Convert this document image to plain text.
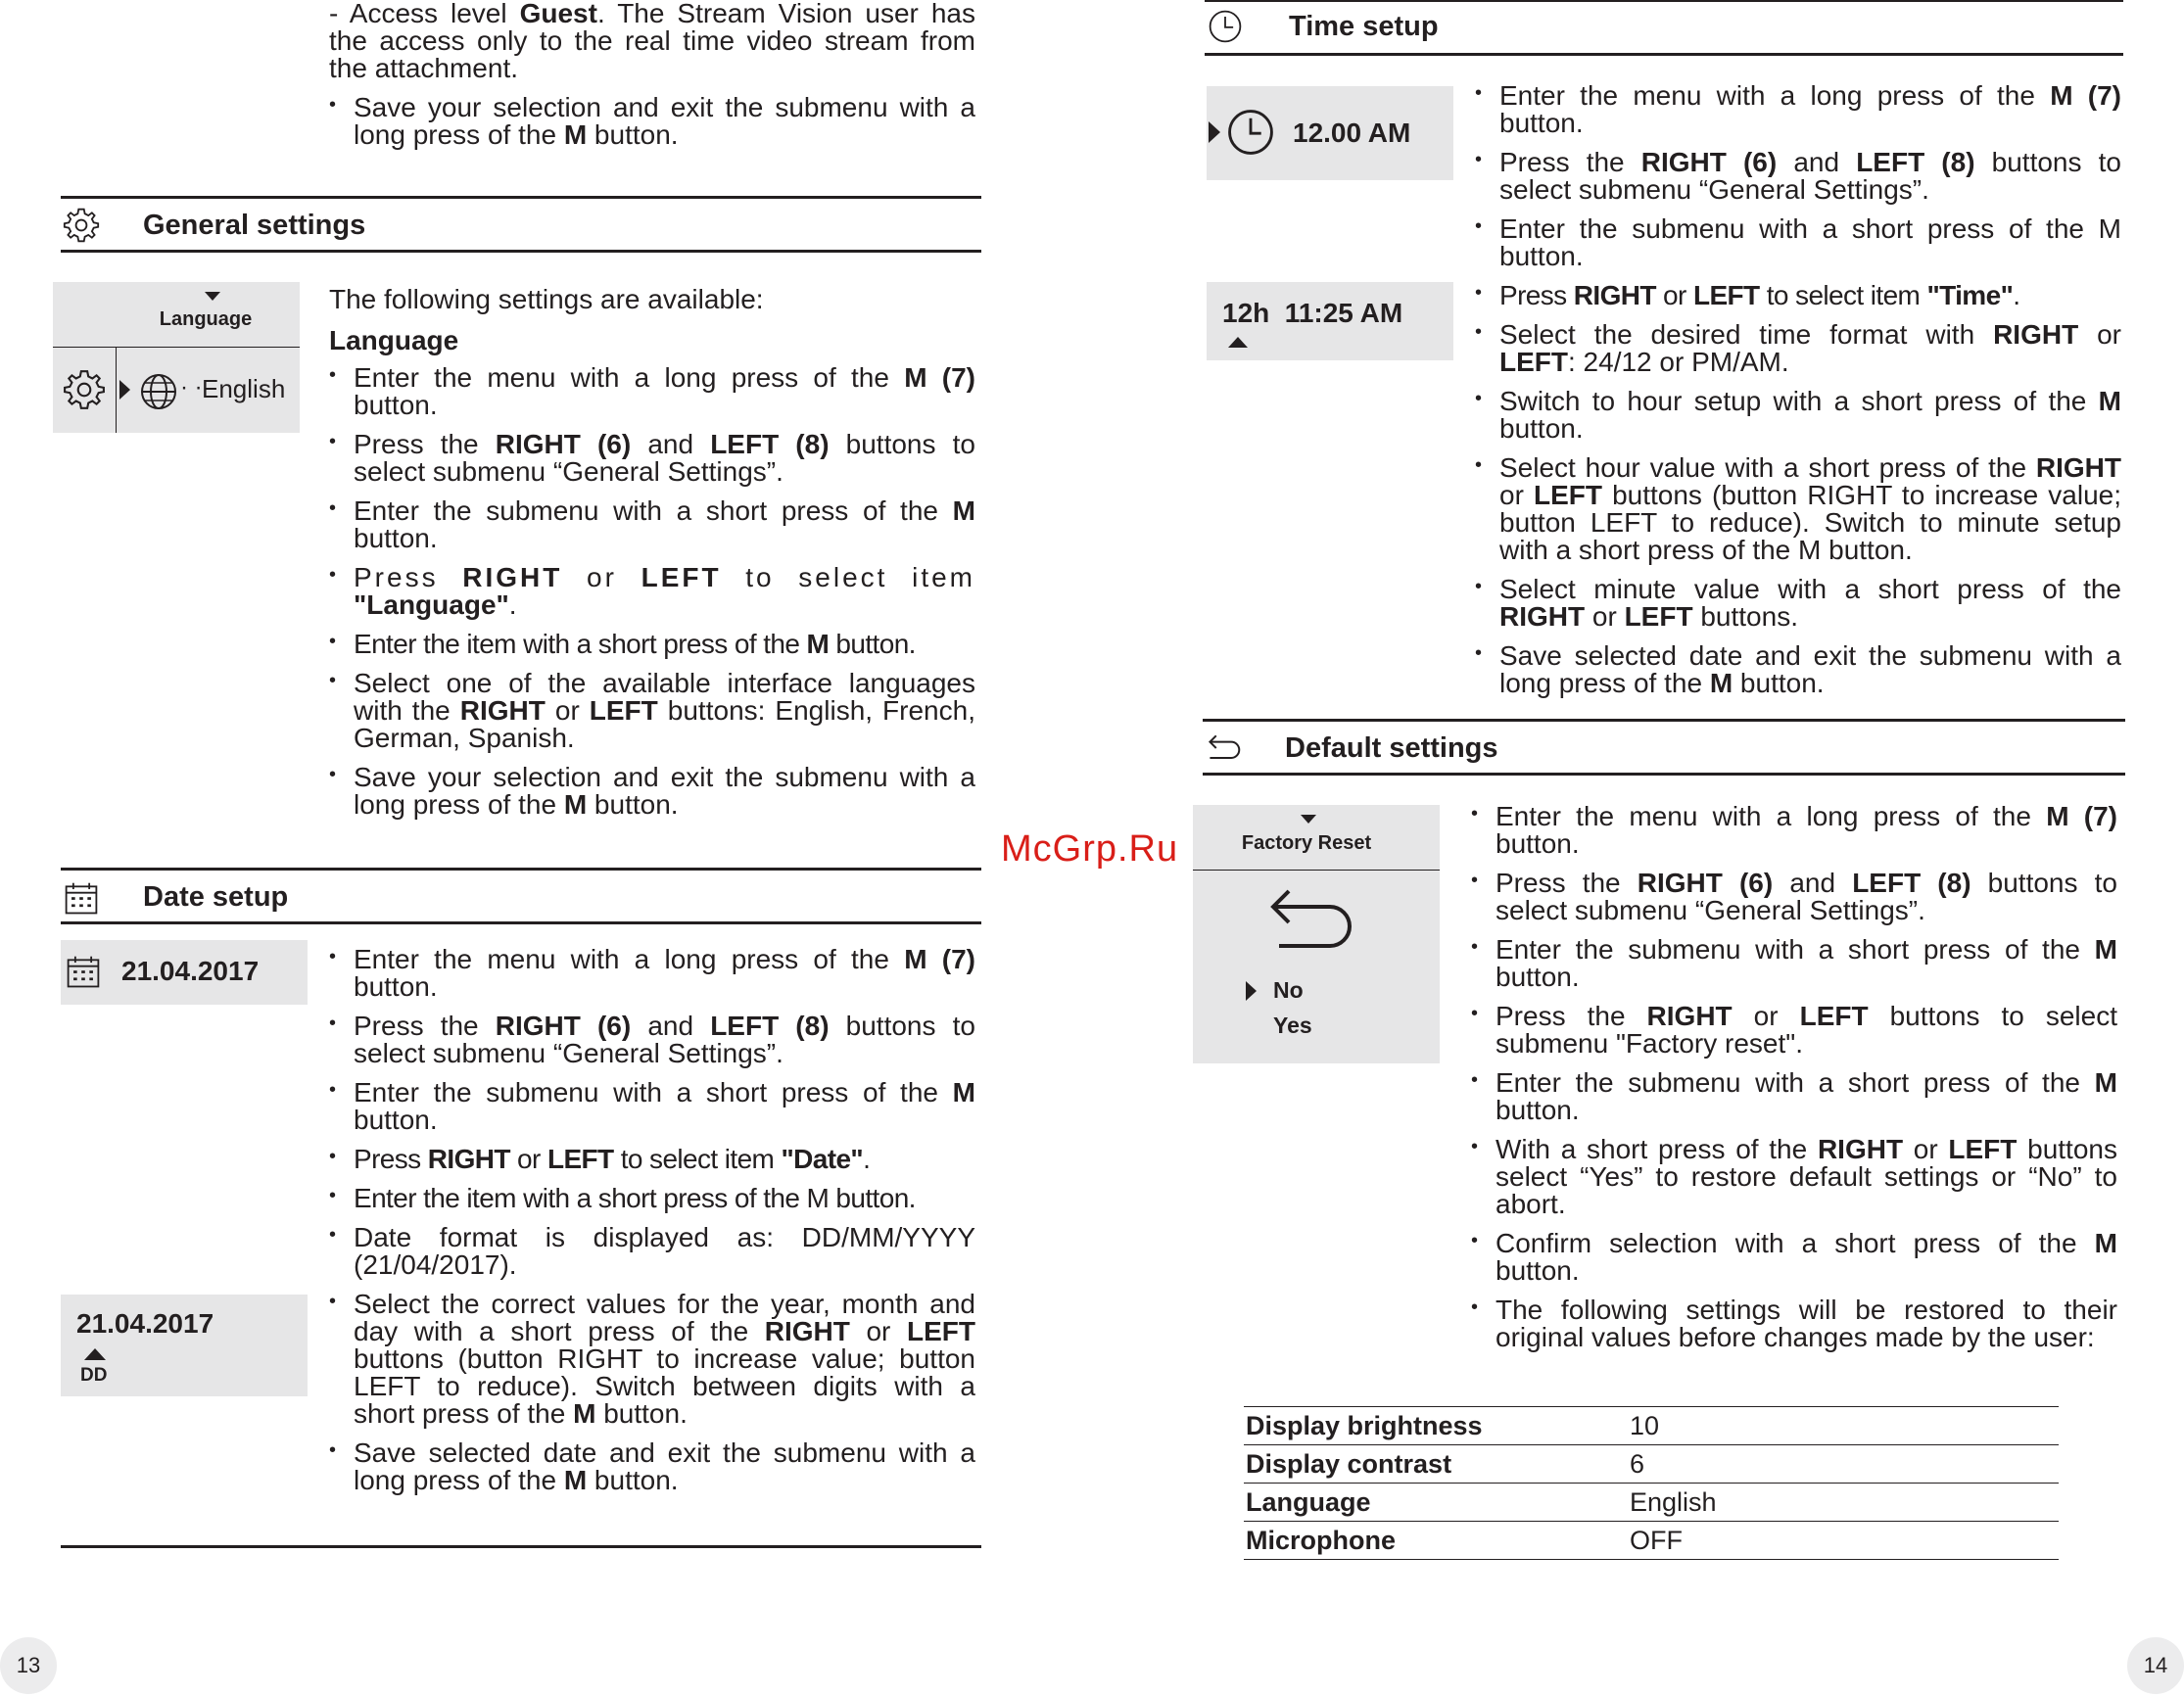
- Access level Guest. The Stream Vision user has the access only to the real time video stream from the attachment.
• Save your selection and exit the submenu with a long press of the M button.
General settings
Language
· · English
The following settings are available:
Language
• Enter the menu with a long press of the M (7) button.
• Press the RIGHT (6) and LEFT (8) buttons to select submenu “General Settings”.
• Enter the submenu with a short press of the M button.
• Press RIGHT or LEFT to select item "Language".
• Enter the item with a short press of the M button.
• Select one of the available interface languages with the RIGHT or LEFT buttons: English, French, German, Spanish.
• Save your selection and exit the submenu with a long press of the M button.
Date setup
21.04.2017
21.04.2017
DD
• Enter the menu with a long press of the M (7) button.
• Press the RIGHT (6) and LEFT (8) buttons to select submenu “General Settings”.
• Enter the submenu with a short press of the M button.
• Press RIGHT or LEFT to select item "Date".
• Enter the item with a short press of the M button.
• Date format is displayed as: DD/MM/YYYY (21/04/2017).
• Select the correct values for the year, month and day with a short press of the RIGHT or LEFT buttons (button RIGHT to increase value; button LEFT to reduce). Switch between digits with a short press of the M button.
• Save selected date and exit the submenu with a long press of the M button.
13
McGrp.Ru
Time setup
12.00 AM
12h  11:25 AM
• Enter the menu with a long press of the M (7) button.
• Press the RIGHT (6) and LEFT (8) buttons to select submenu “General Settings”.
• Enter the submenu with a short press of the M button.
• Press RIGHT or LEFT to select item "Time".
• Select the desired time format with RIGHT or LEFT: 24/12 or PM/AM.
• Switch to hour setup with a short press of the M button.
• Select hour value with a short press of the RIGHT or LEFT buttons (button RIGHT to increase value; button LEFT to reduce). Switch to minute setup with a short press of the M button.
• Select minute value with a short press of the RIGHT or LEFT buttons.
• Save selected date and exit the submenu with a long press of the M button.
Default settings
Factory Reset
No
Yes
• Enter the menu with a long press of the M (7) button.
• Press the RIGHT (6) and LEFT (8) buttons to select submenu “General Settings”.
• Enter the submenu with a short press of the M button.
• Press the RIGHT or LEFT buttons to select submenu "Factory reset".
• Enter the submenu with a short press of the M button.
• With a short press of the RIGHT or LEFT buttons select “Yes” to restore default settings or “No” to abort.
• Confirm selection with a short press of the M button.
• The following settings will be restored to their original values before changes made by the user:
Display brightness	10
Display contrast	6
Language	English
Microphone	OFF
14
